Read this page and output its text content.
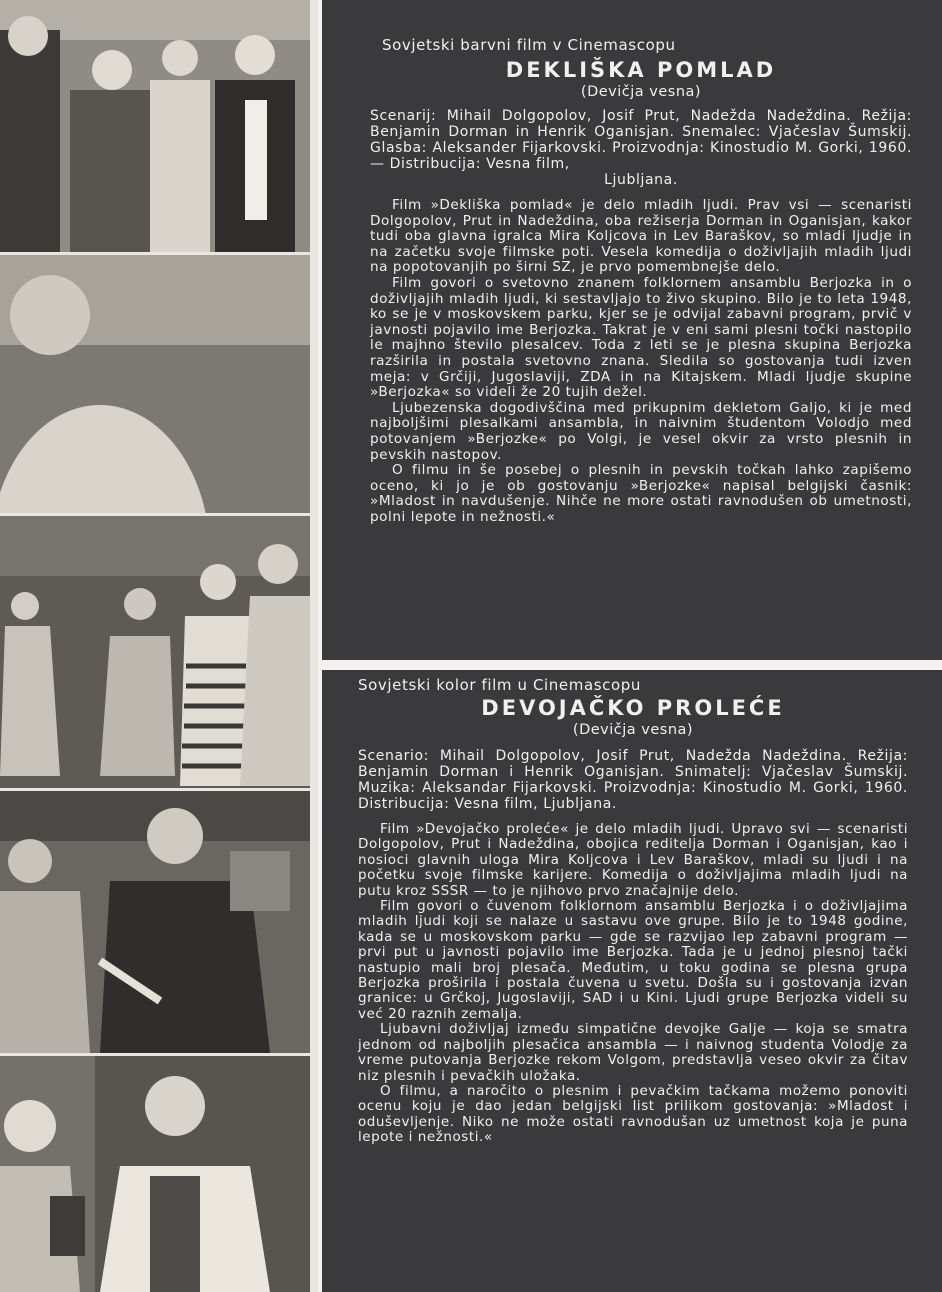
Sovjetski barvni film v Cinemascopu

DEKLIŠKA POMLAD

(Devičja vesna)

Scenarij: Mihail Dolgopolov, Josif Prut, Nadežda Nadeždina. Režija: Benjamin Dorman in Henrik Oganisjan. Snemalec: Vjačeslav Šumskij. Glasba: Aleksander Fijarkovski. Proizvodnja: Kinostudio M. Gorki, 1960. — Distribucija: Vesna film,
Ljubljana.

Film »Dekliška pomlad« je delo mladih ljudi. Prav vsi — scenaristi Dolgopolov, Prut in Nadeždina, oba režiserja Dorman in Oganisjan, kakor tudi oba glavna igralca Mira Koljcova in Lev Baraškov, so mladi ljudje in na začetku svoje filmske poti. Vesela komedija o doživljajih mladih ljudi na popotovanjih po širni SZ, je prvo pomembnejše delo.

Film govori o svetovno znanem folklornem ansamblu Berjozka in o doživljajih mladih ljudi, ki sestavljajo to živo skupino. Bilo je to leta 1948, ko se je v moskovskem parku, kjer se je odvijal zabavni program, prvič v javnosti pojavilo ime Berjozka. Takrat je v eni sami plesni točki nastopilo le majhno število plesalcev. Toda z leti se je plesna skupina Berjozka razširila in postala svetovno znana. Sledila so gostovanja tudi izven meja: v Grčiji, Jugoslaviji, ZDA in na Kitajskem. Mladi ljudje skupine »Berjozka« so videli že 20 tujih dežel.

Ljubezenska dogodivščina med prikupnim dekletom Galjo, ki je med najboljšimi plesalkami ansambla, in naivnim študentom Volodjo med potovanjem »Berjozke« po Volgi, je vesel okvir za vrsto plesnih in pevskih nastopov.

O filmu in še posebej o plesnih in pevskih točkah lahko zapišemo oceno, ki jo je ob gostovanju »Berjozke« napisal belgijski časnik: »Mladost in navdušenje. Nihče ne more ostati ravnodušen ob umetnosti, polni lepote in nežnosti.«

Sovjetski kolor film u Cinemascopu

DEVOJAČKO PROLEĆE

(Devičja vesna)

Scenario: Mihail Dolgopolov, Josif Prut, Nadežda Nadeždina. Režija: Benjamin Dorman i Henrik Oganisjan. Snimatelj: Vjačeslav Šumskij. Muzika: Aleksandar Fijarkovski. Proizvodnja: Kinostudio M. Gorki, 1960. Distribucija: Vesna film, Ljubljana.

Film »Devojačko proleće« je delo mladih ljudi. Upravo svi — scenaristi Dolgopolov, Prut i Nadeždina, obojica reditelja Dorman i Oganisjan, kao i nosioci glavnih uloga Mira Koljcova i Lev Baraškov, mladi su ljudi i na početku svoje filmske karijere. Komedija o doživljajima mladih ljudi na putu kroz SSSR — to je njihovo prvo značajnije delo.

Film govori o čuvenom folklornom ansamblu Berjozka i o doživljajima mladih ljudi koji se nalaze u sastavu ove grupe. Bilo je to 1948 godine, kada se u moskovskom parku — gde se razvijao lep zabavni program — prvi put u javnosti pojavilo ime Berjozka. Tada je u jednoj plesnoj tački nastupio mali broj plesača. Međutim, u toku godina se plesna grupa Berjozka proširila i postala čuvena u svetu. Došla su i gostovanja izvan granice: u Grčkoj, Jugoslaviji, SAD i u Kini. Ljudi grupe Berjozka videli su već 20 raznih zemalja.

Ljubavni doživljaj između simpatične devojke Galje — koja se smatra jednom od najboljih plesačica ansambla — i naivnog studenta Volodje za vreme putovanja Berjozke rekom Volgom, predstavlja veseo okvir za čitav niz plesnih i pevačkih uložaka.

O filmu, a naročito o plesnim i pevačkim tačkama možemo ponoviti ocenu koju je dao jedan belgijski list prilikom gostovanja: »Mladost i oduševljenje. Niko ne može ostati ravnodušan uz umetnost koja je puna lepote i nežnosti.«
